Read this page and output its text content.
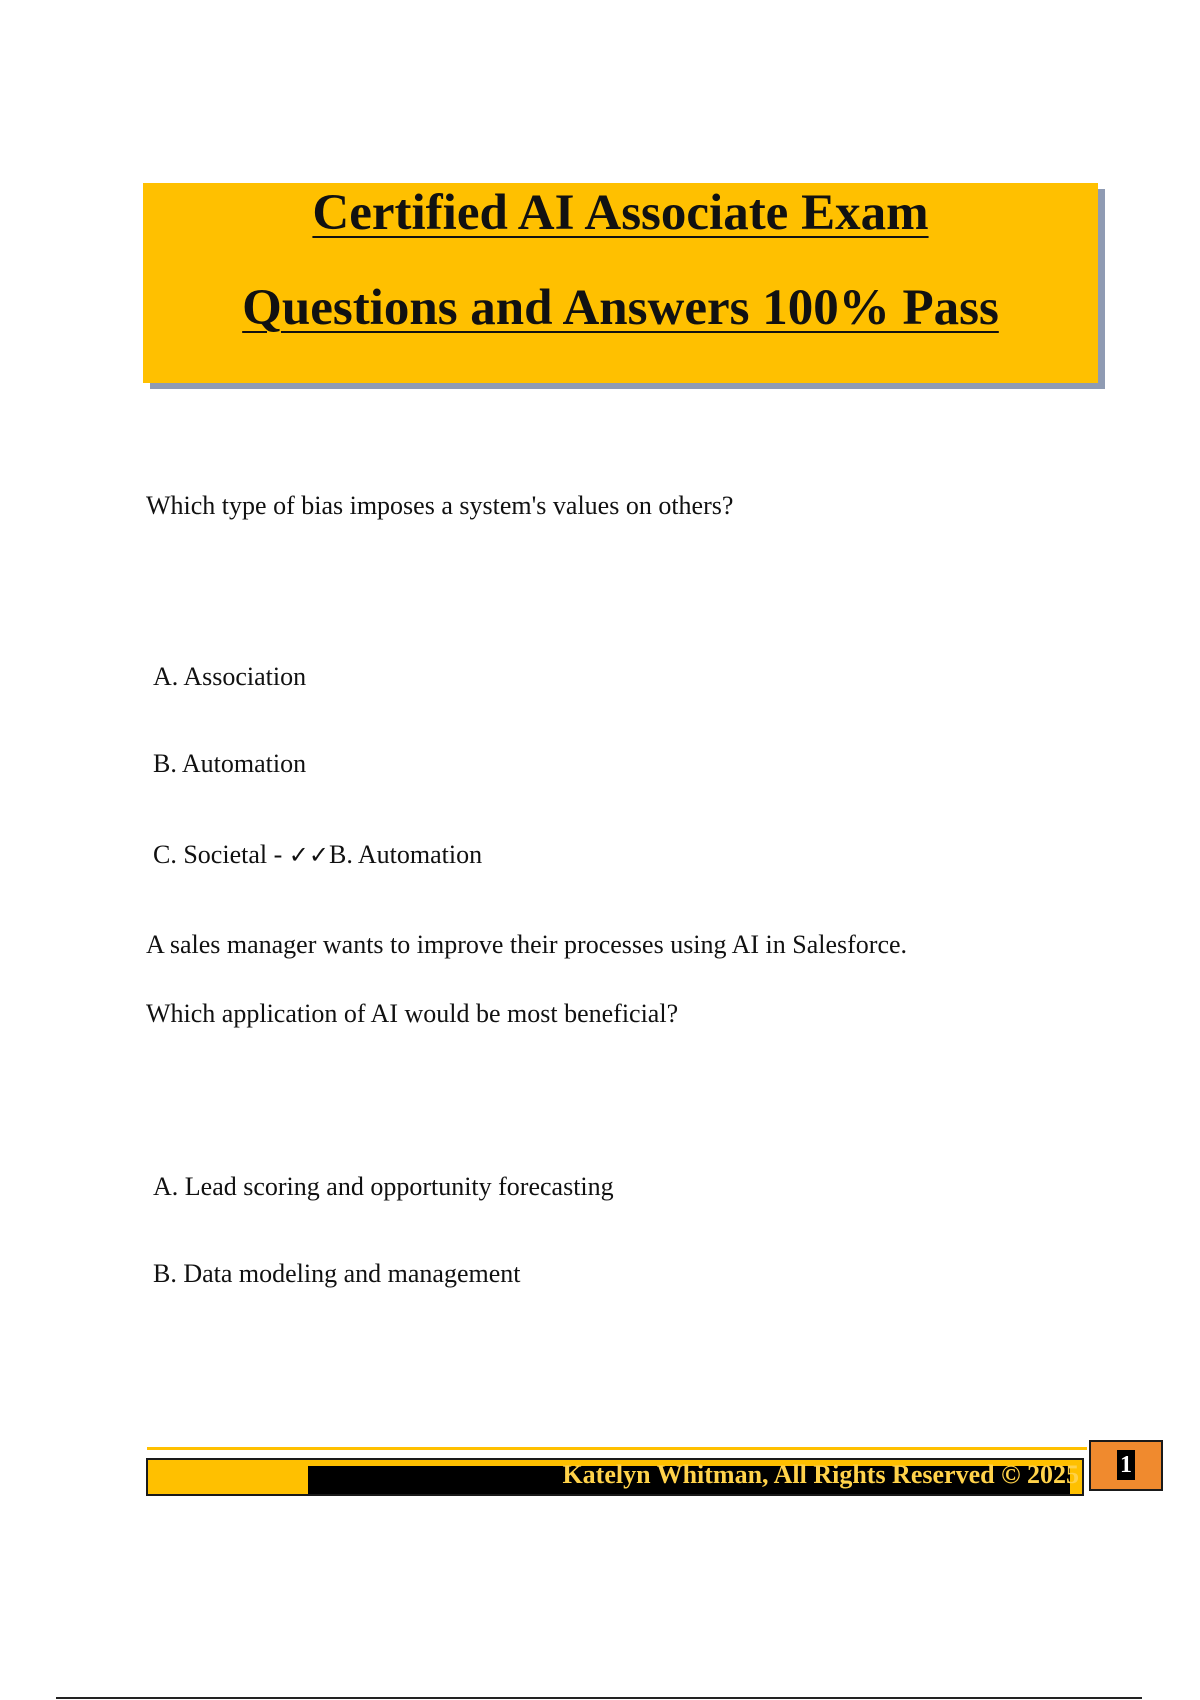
Certified AI Associate Exam
Questions and Answers 100% Pass
Which type of bias imposes a system's values on others?
A. Association
B. Automation
C. Societal - ✓✓B. Automation
A sales manager wants to improve their processes using AI in Salesforce.
Which application of AI would be most beneficial?
A. Lead scoring and opportunity forecasting
B. Data modeling and management
Katelyn Whitman, All Rights Reserved © 2025 1
